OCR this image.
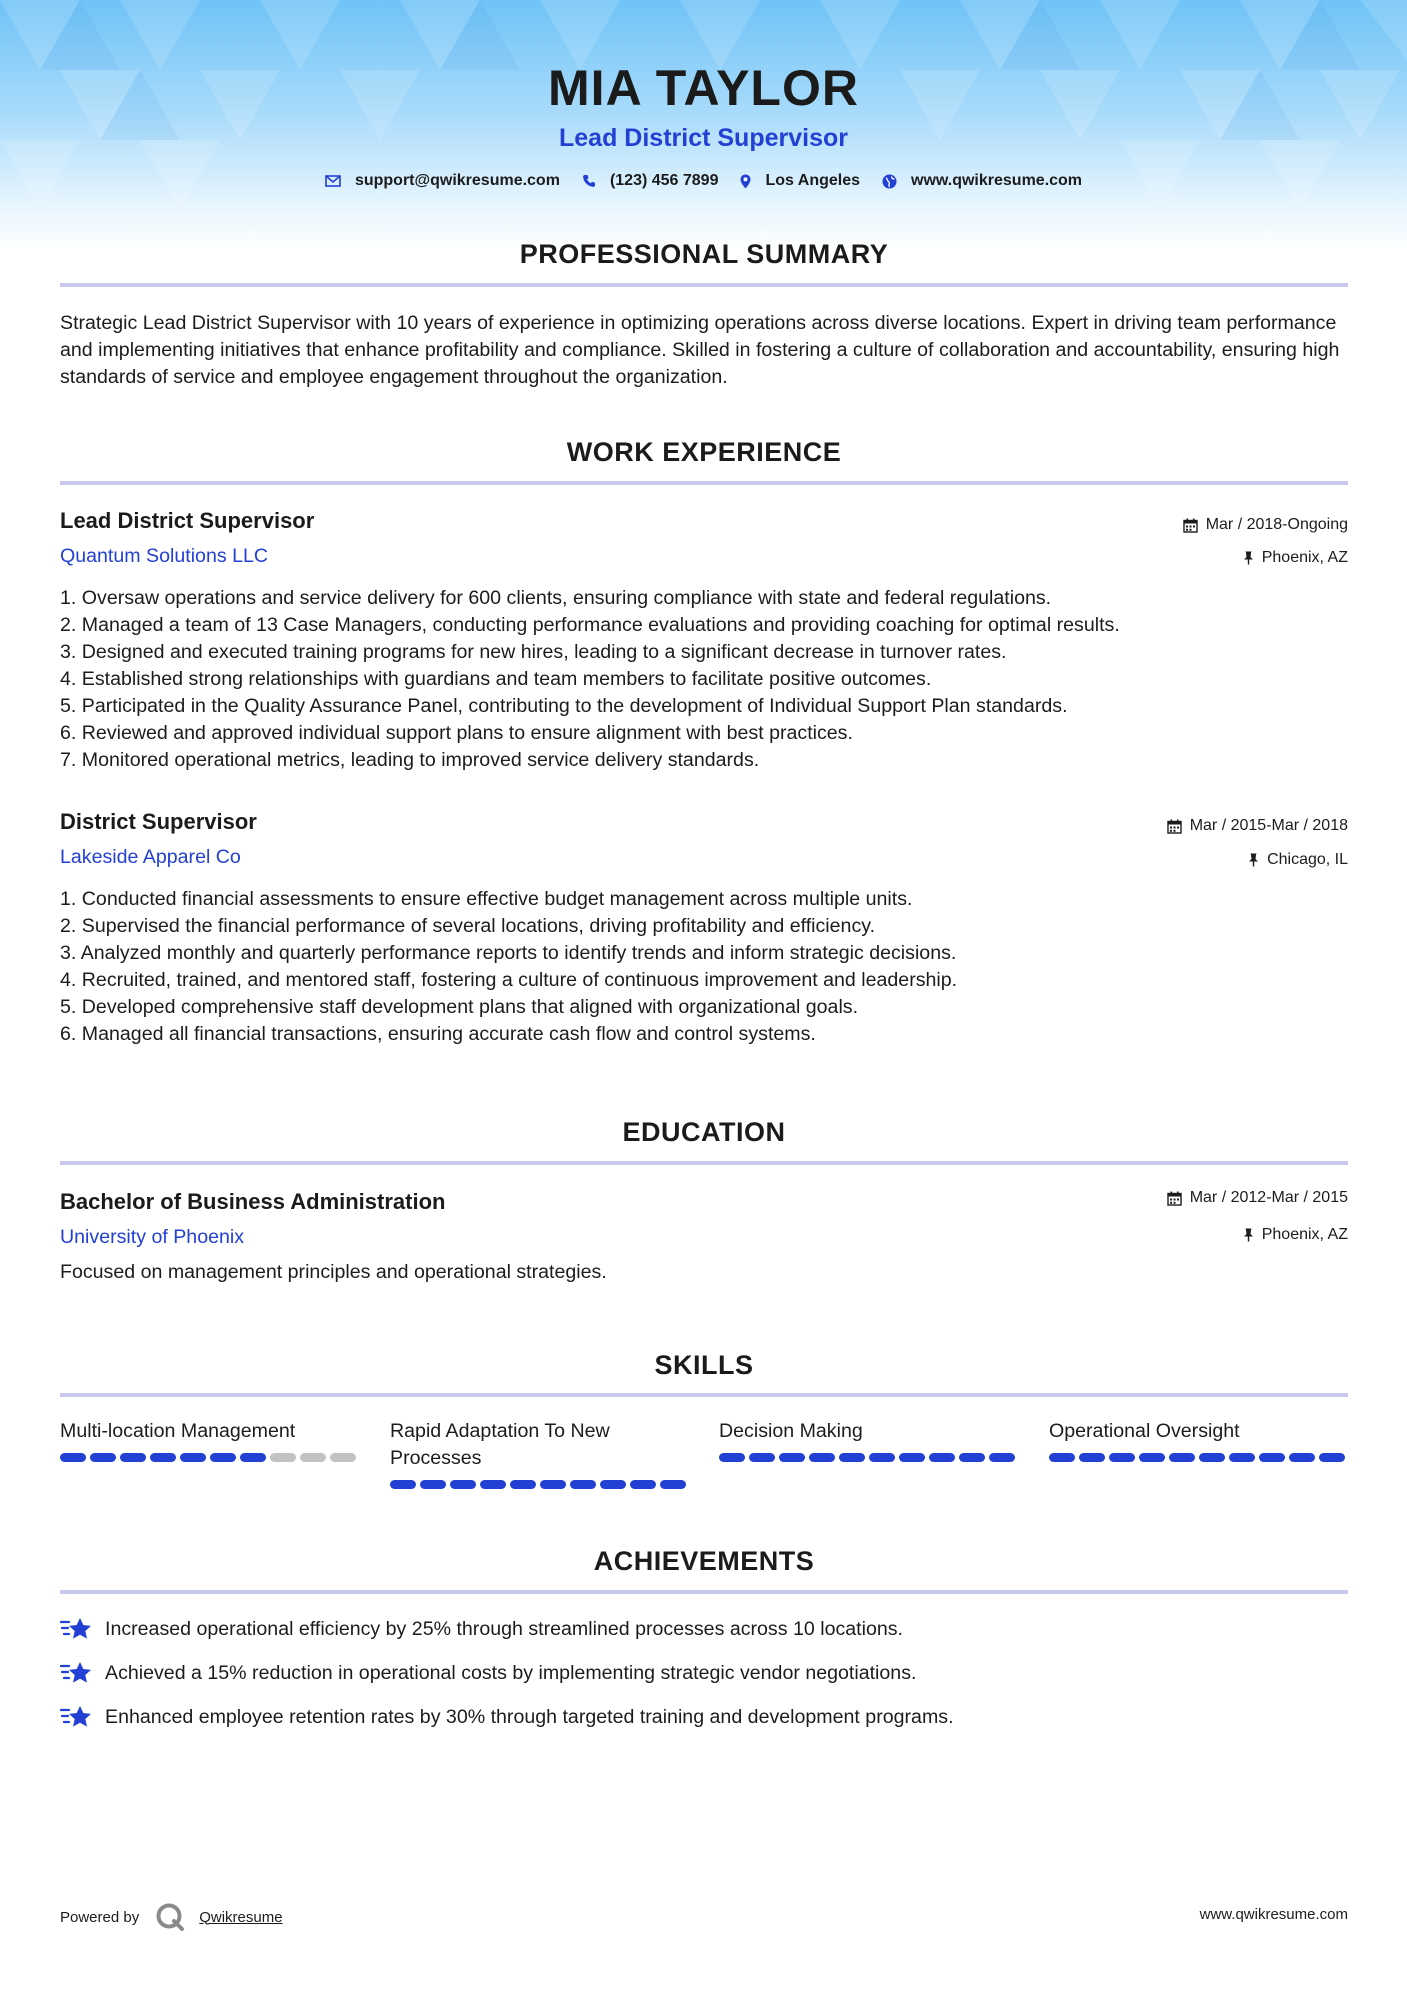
MIA TAYLOR
Lead District Supervisor
support@qwikresume.com	(123) 456 7899	Los Angeles	www.qwikresume.com
PROFESSIONAL SUMMARY
Strategic Lead District Supervisor with 10 years of experience in optimizing operations across diverse locations. Expert in driving team performance and implementing initiatives that enhance profitability and compliance. Skilled in fostering a culture of collaboration and accountability, ensuring high standards of service and employee engagement throughout the organization.
WORK EXPERIENCE
Lead District Supervisor	Mar / 2018-Ongoing
Quantum Solutions LLC	Phoenix, AZ
1. Oversaw operations and service delivery for 600 clients, ensuring compliance with state and federal regulations.
2. Managed a team of 13 Case Managers, conducting performance evaluations and providing coaching for optimal results.
3. Designed and executed training programs for new hires, leading to a significant decrease in turnover rates.
4. Established strong relationships with guardians and team members to facilitate positive outcomes.
5. Participated in the Quality Assurance Panel, contributing to the development of Individual Support Plan standards.
6. Reviewed and approved individual support plans to ensure alignment with best practices.
7. Monitored operational metrics, leading to improved service delivery standards.
District Supervisor	Mar / 2015-Mar / 2018
Lakeside Apparel Co	Chicago, IL
1. Conducted financial assessments to ensure effective budget management across multiple units.
2. Supervised the financial performance of several locations, driving profitability and efficiency.
3. Analyzed monthly and quarterly performance reports to identify trends and inform strategic decisions.
4. Recruited, trained, and mentored staff, fostering a culture of continuous improvement and leadership.
5. Developed comprehensive staff development plans that aligned with organizational goals.
6. Managed all financial transactions, ensuring accurate cash flow and control systems.
EDUCATION
Bachelor of Business Administration	Mar / 2012-Mar / 2015
University of Phoenix	Phoenix, AZ
Focused on management principles and operational strategies.
SKILLS
Multi-location Management	Rapid Adaptation To New Processes
Decision Making	Operational Oversight
ACHIEVEMENTS
Increased operational efficiency by 25% through streamlined processes across 10 locations.
Achieved a 15% reduction in operational costs by implementing strategic vendor negotiations.
Enhanced employee retention rates by 30% through targeted training and development programs.
Powered by	Qwikresume	www.qwikresume.com
